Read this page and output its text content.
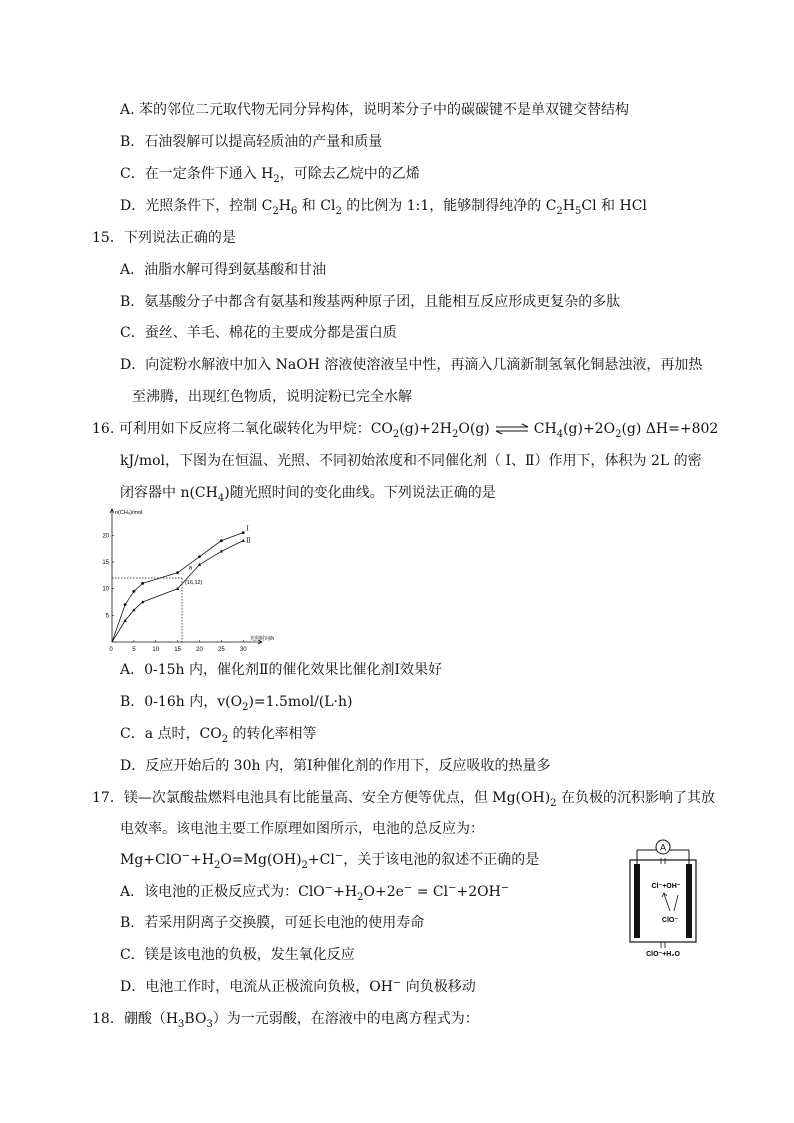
A. 苯的邻位二元取代物无同分异构体，说明苯分子中的碳碳键不是单双键交替结构
B．石油裂解可以提高轻质油的产量和质量
C．在一定条件下通入 $H_2$，可除去乙烷中的乙烯
D．光照条件下，控制 $C_2H_6$ 和 $Cl_2$ 的比例为 1:1，能够制得纯净的 $C_2H_5Cl$ 和 HCl
15．下列说法正确的是
A．油脂水解可得到氨基酸和甘油
B．氨基酸分子中都含有氨基和羧基两种原子团，且能相互反应形成更复杂的多肽
C．蚕丝、羊毛、棉花的主要成分都是蛋白质
D．向淀粉水解液中加入 NaOH 溶液使溶液呈中性，再滴入几滴新制氢氧化铜悬浊液，再加热
至沸腾，出现红色物质，说明淀粉已完全水解
16. 可利用如下反应将二氧化碳转化为甲烷：$CO_2(g)+2H_2O(g)$ ⇌ $CH_4(g)+2O_2(g)$ ΔH=+802
kJ/mol，下图为在恒温、光照、不同初始浓度和不同催化剂（ Ⅰ、Ⅱ）作用下，体积为 2L 的密
闭容器中 $n(CH_4)$随光照时间的变化曲线。下列说法正确的是
n(CH₄)/mol
光照时间/h
0	5	10	15	20	25	30
5
10
15
20
Ⅰ
Ⅱ
(16,12)
a
A．0-15h 内，催化剂Ⅱ的催化效果比催化剂Ⅰ效果好
B．0-16h 内，$v(O_2)=1.5mol/(L\cdot h)$
C．a 点时，$CO_2$ 的转化率相等
D．反应开始后的 30h 内，第Ⅰ种催化剂的作用下，反应吸收的热量多
17．镁—次氯酸盐燃料电池具有比能量高、安全方便等优点，但 $Mg(OH)_2$ 在负极的沉积影响了其放
电效率。该电池主要工作原理如图所示，电池的总反应为：
$Mg+ClO^-+H_2O=Mg(OH)_2+Cl^-$，关于该电池的叙述不正确的是
A．该电池的正极反应式为：$ClO^-+H_2O+2e^- = Cl^-+2OH^-$
B．若采用阴离子交换膜，可延长电池的使用寿命
C．镁是该电池的负极，发生氧化反应
D．电池工作时，电流从正极流向负极，OH− 向负极移动
A
Cl⁻+OH⁻
ClO⁻
ClO⁻+H₂O
18．硼酸$(H_3BO_3)$为一元弱酸，在溶液中的电离方程式为：
